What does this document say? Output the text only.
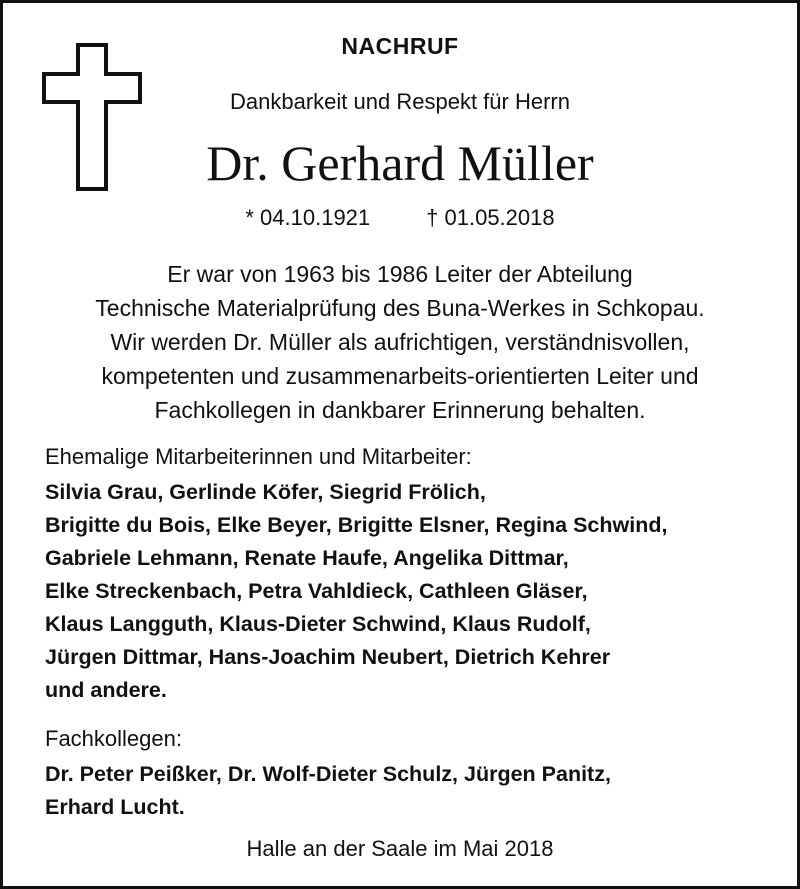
NACHRUF
Dankbarkeit und Respekt für Herrn
Dr. Gerhard Müller
* 04.10.1921	† 01.05.2018
Er war von 1963 bis 1986 Leiter der Abteilung
Technische Materialprüfung des Buna-Werkes in Schkopau.
Wir werden Dr. Müller als aufrichtigen, verständnisvollen,
kompetenten und zusammenarbeits-orientierten Leiter und
Fachkollegen in dankbarer Erinnerung behalten.
Ehemalige Mitarbeiterinnen und Mitarbeiter:
Silvia Grau, Gerlinde Köfer, Siegrid Frölich,
Brigitte du Bois, Elke Beyer, Brigitte Elsner, Regina Schwind,
Gabriele Lehmann, Renate Haufe, Angelika Dittmar,
Elke Streckenbach, Petra Vahldieck, Cathleen Gläser,
Klaus Langguth, Klaus-Dieter Schwind, Klaus Rudolf,
Jürgen Dittmar, Hans-Joachim Neubert, Dietrich Kehrer
und andere.
Fachkollegen:
Dr. Peter Peißker, Dr. Wolf-Dieter Schulz, Jürgen Panitz,
Erhard Lucht.
Halle an der Saale im Mai 2018
